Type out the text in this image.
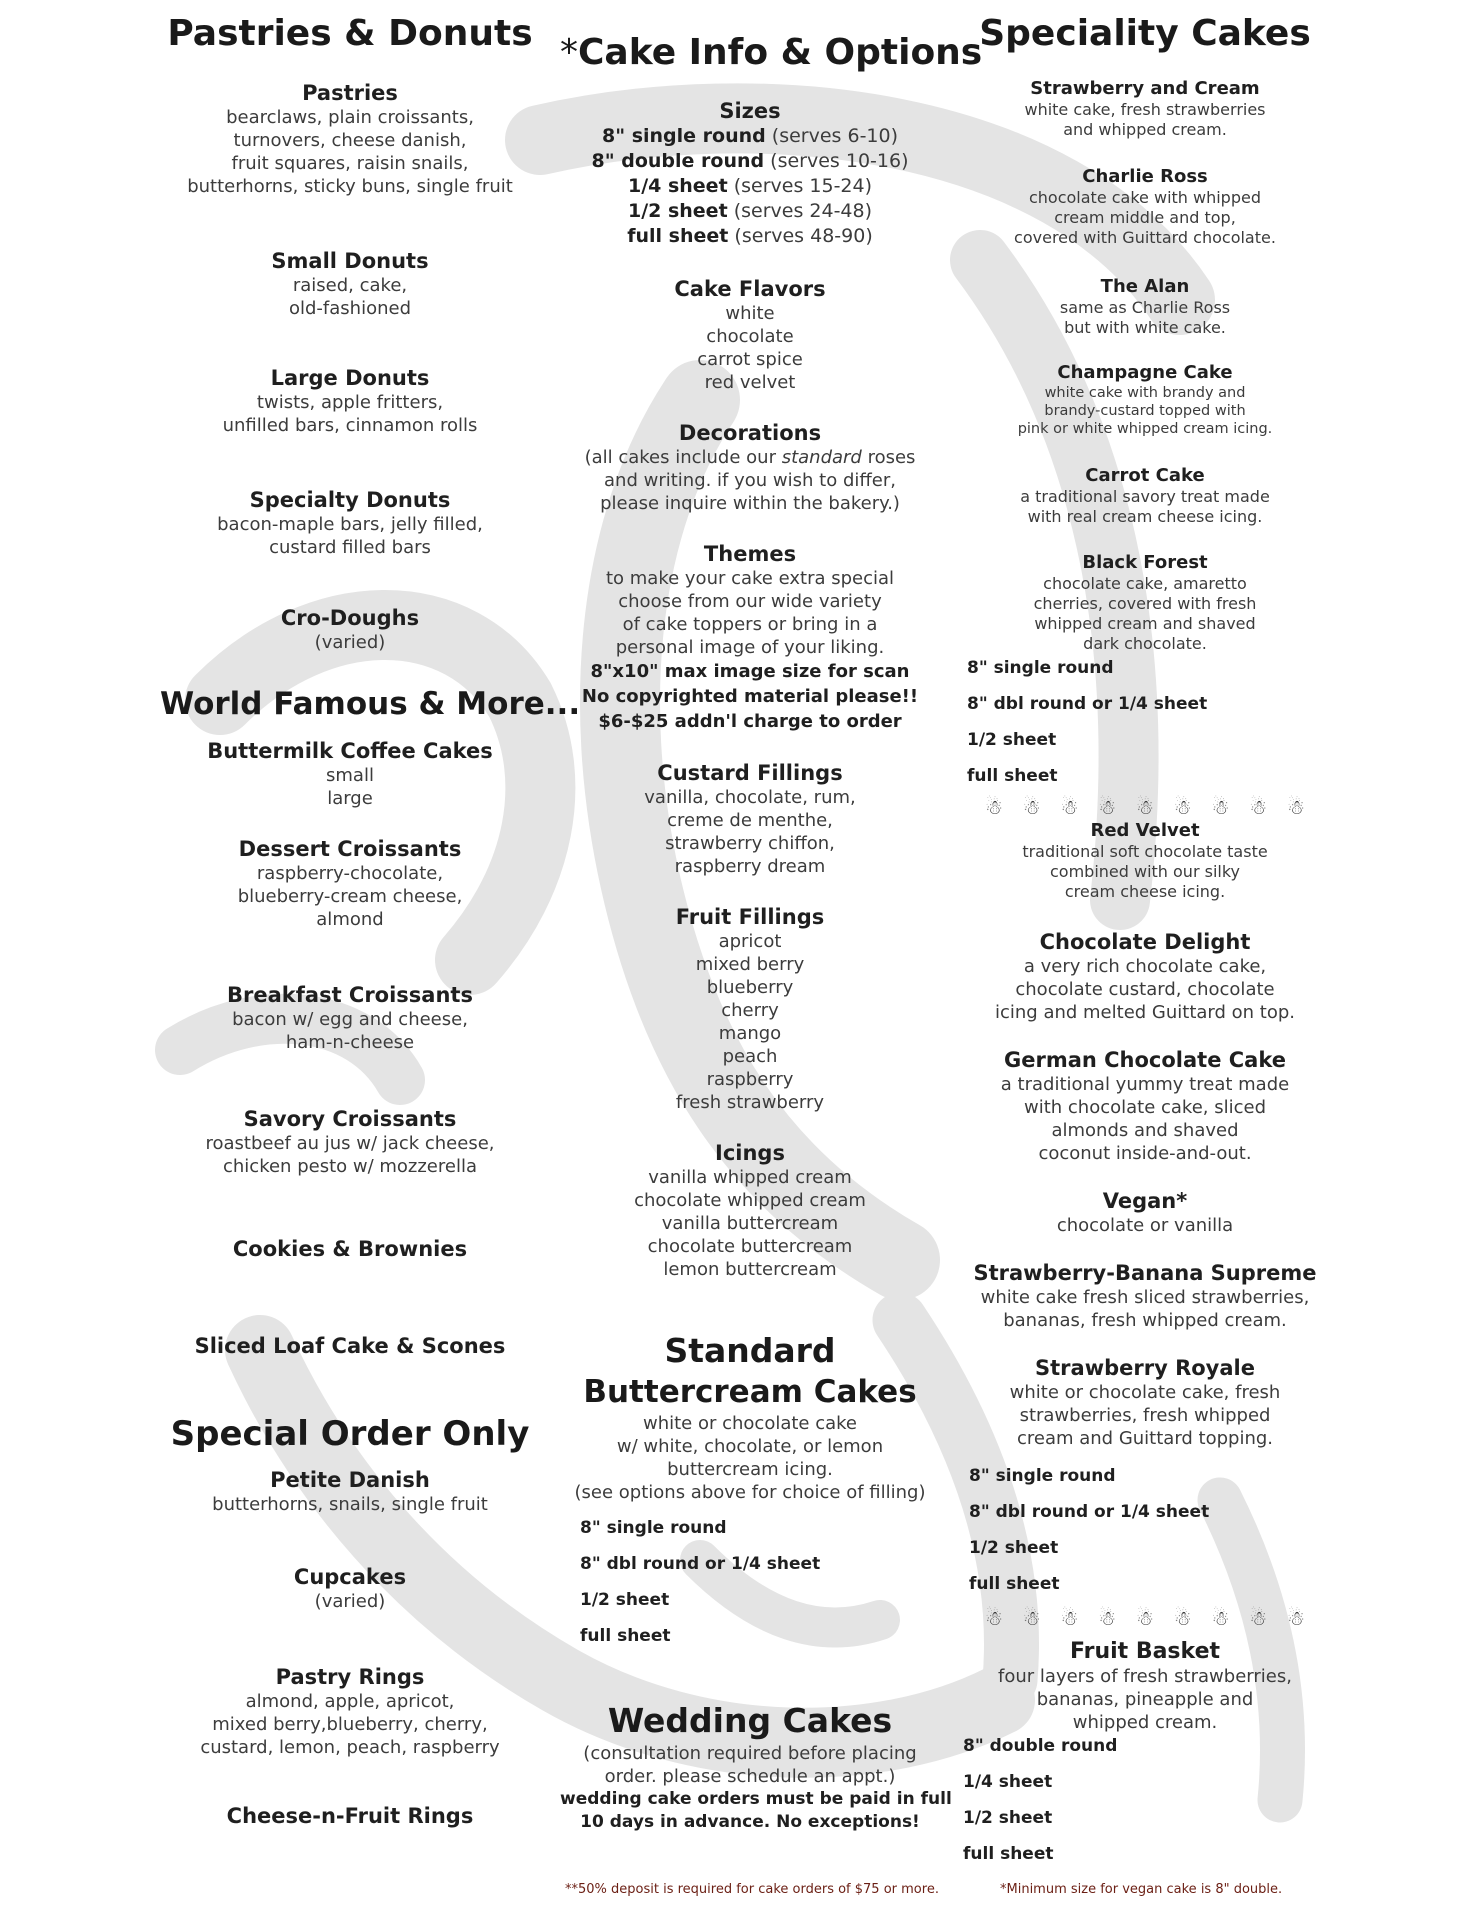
Pastries & Donuts
Pastries
bearclaws, plain croissants,
turnovers, cheese danish,
fruit squares, raisin snails,
butterhorns, sticky buns, single fruit
Small Donuts
raised, cake,
old-fashioned
Large Donuts
twists, apple fritters,
unfilled bars, cinnamon rolls
Specialty Donuts
bacon-maple bars, jelly filled,
custard filled bars
Cro-Doughs
(varied)
World Famous & More...
Buttermilk Coffee Cakes
small
large
Dessert Croissants
raspberry-chocolate,
blueberry-cream cheese,
almond
Breakfast Croissants
bacon w/ egg and cheese,
ham-n-cheese
Savory Croissants
roastbeef au jus w/ jack cheese,
chicken pesto w/ mozzerella
Cookies & Brownies
Sliced Loaf Cake & Scones
Special Order Only
Petite Danish
butterhorns, snails, single fruit
Cupcakes
(varied)
Pastry Rings
almond, apple, apricot,
mixed berry,blueberry, cherry,
custard, lemon, peach, raspberry
Cheese-n-Fruit Rings
*Cake Info & Options
Sizes
8" single round (serves 6-10)
8" double round (serves 10-16)
1/4 sheet (serves 15-24)
1/2 sheet (serves 24-48)
full sheet (serves 48-90)
Cake Flavors
white
chocolate
carrot spice
red velvet
Decorations
(all cakes include our standard roses
and writing. if you wish to differ,
please inquire within the bakery.)
Themes
to make your cake extra special
choose from our wide variety
of cake toppers or bring in a
personal image of your liking.
8"x10" max image size for scan
No copyrighted material please!!
$6-$25 addn'l charge to order
Custard Fillings
vanilla, chocolate, rum,
creme de menthe,
strawberry chiffon,
raspberry dream
Fruit Fillings
apricot
mixed berry
blueberry
cherry
mango
peach
raspberry
fresh strawberry
Icings
vanilla whipped cream
chocolate whipped cream
vanilla buttercream
chocolate buttercream
lemon buttercream
Standard
Buttercream Cakes
white or chocolate cake
w/ white, chocolate, or lemon
buttercream icing.
(see options above for choice of filling)
8" single round
8" dbl round or 1/4 sheet
1/2 sheet
full sheet
Wedding Cakes
(consultation required before placing
order. please schedule an appt.)
wedding cake orders must be paid in full
10 days in advance. No exceptions!
**50% deposit is required for cake orders of $75 or more.
Speciality Cakes
Strawberry and Cream
white cake, fresh strawberries
and whipped cream.
Charlie Ross
chocolate cake with whipped
cream middle and top,
covered with Guittard chocolate.
The Alan
same as Charlie Ross
but with white cake.
Champagne Cake
white cake with brandy and
brandy-custard topped with
pink or white whipped cream icing.
Carrot Cake
a traditional savory treat made
with real cream cheese icing.
Black Forest
chocolate cake, amaretto
cherries, covered with fresh
whipped cream and shaved
dark chocolate.
8" single round
8" dbl round or 1/4 sheet
1/2 sheet
full sheet
☃ ☃ ☃ ☃ ☃ ☃ ☃ ☃ ☃
Red Velvet
traditional soft chocolate taste
combined with our silky
cream cheese icing.
Chocolate Delight
a very rich chocolate cake,
chocolate custard, chocolate
icing and melted Guittard on top.
German Chocolate Cake
a traditional yummy treat made
with chocolate cake, sliced
almonds and shaved
coconut inside-and-out.
Vegan*
chocolate or vanilla
Strawberry-Banana Supreme
white cake fresh sliced strawberries,
bananas, fresh whipped cream.
Strawberry Royale
white or chocolate cake, fresh
strawberries, fresh whipped
cream and Guittard topping.
8" single round
8" dbl round or 1/4 sheet
1/2 sheet
full sheet
☃ ☃ ☃ ☃ ☃ ☃ ☃ ☃ ☃
Fruit Basket
four layers of fresh strawberries,
bananas, pineapple and
whipped cream.
8" double round
1/4 sheet
1/2 sheet
full sheet
*Minimum size for vegan cake is 8" double.
